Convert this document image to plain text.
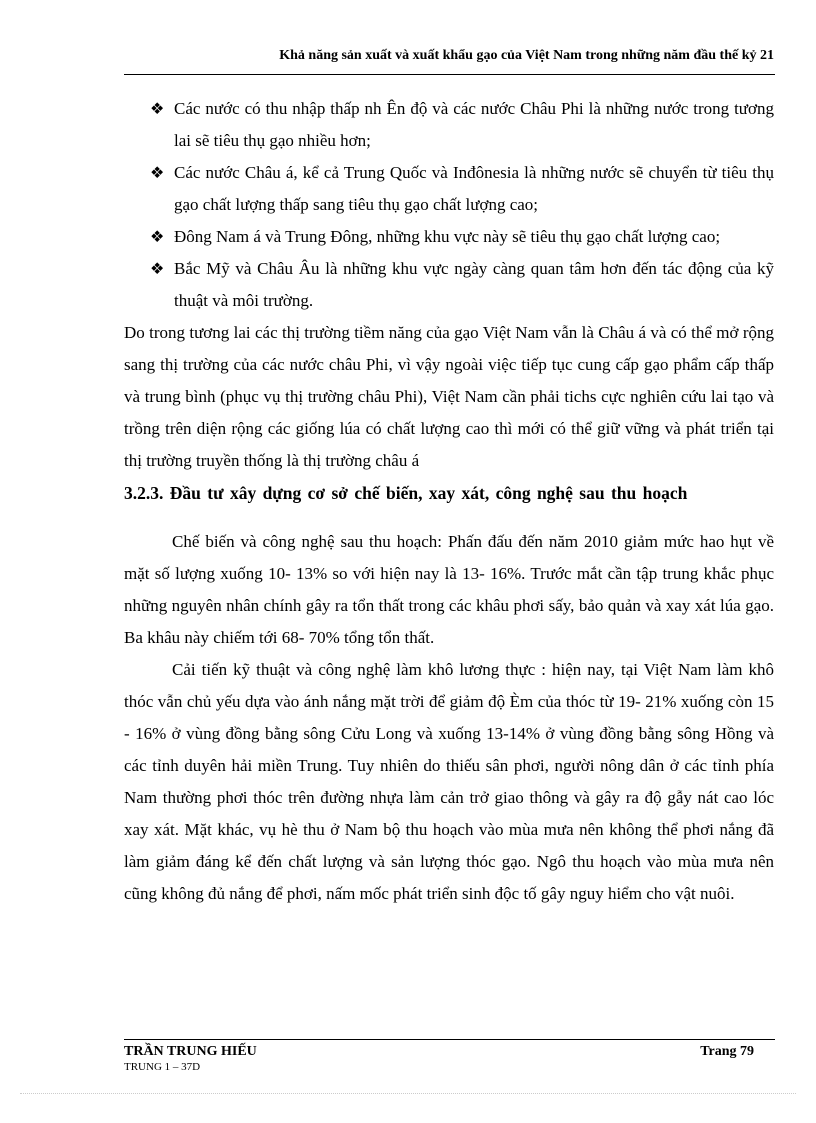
Khả năng sản xuất và xuất khẩu gạo của Việt Nam trong những năm đầu thế kỷ 21
❖ Các nước có thu nhập thấp nh Ên độ và các nước Châu Phi là những nước trong tương lai sẽ tiêu thụ gạo nhiều hơn;
❖ Các nước Châu á, kể cả Trung Quốc và Inđônesia là những nước sẽ chuyển từ tiêu thụ gạo chất lượng thấp sang tiêu thụ gạo chất lượng cao;
❖ Đông Nam á và Trung Đông, những khu vực này sẽ tiêu thụ gạo chất lượng cao;
❖ Bắc Mỹ và Châu Âu là những khu vực ngày càng quan tâm hơn đến tác động của kỹ thuật và môi trường.

Do trong tương lai các thị trường tiềm năng của gạo Việt Nam vẫn là Châu á và có thể mở rộng sang thị trường của các nước châu Phi, vì vậy ngoài việc tiếp tục cung cấp gạo phẩm cấp thấp và trung bình (phục vụ thị trường châu Phi), Việt Nam cần phải tichs cực nghiên cứu lai tạo và trồng trên diện rộng các giống lúa có chất lượng cao thì mới có thể giữ vững và phát triển tại thị trường truyền thống là thị trường châu á

3.2.3. Đầu tư xây dựng cơ sở chế biến, xay xát, công nghệ sau thu hoạch

Chế biến và công nghệ sau thu hoạch: Phấn đấu đến năm 2010 giảm mức hao hụt về mặt số lượng xuống 10- 13% so với hiện nay là 13- 16%. Trước mắt cần tập trung khắc phục những nguyên nhân chính gây ra tổn thất trong các khâu phơi sấy, bảo quản và xay xát lúa gạo. Ba khâu này chiếm tới 68- 70% tổng tổn thất.

Cải tiến kỹ thuật và công nghệ làm khô lương thực : hiện nay, tại Việt Nam làm khô thóc vẫn chủ yếu dựa vào ánh nắng mặt trời để giảm độ Èm của thóc từ 19- 21% xuống còn 15 - 16% ở vùng đồng bằng sông Cửu Long và xuống 13-14% ở vùng đồng bằng sông Hồng và các tỉnh duyên hải miền Trung. Tuy nhiên do thiếu sân phơi, người nông dân ở các tỉnh phía Nam thường phơi thóc trên đường nhựa làm cản trở giao thông và gây ra độ gẫy nát cao lóc xay xát. Mặt khác, vụ hè thu ở Nam bộ thu hoạch vào mùa mưa nên không thể phơi nắng đã làm giảm đáng kể đến chất lượng và sản lượng thóc gạo. Ngô thu hoạch vào mùa mưa nên cũng không đủ nắng để phơi, nấm mốc phát triển sinh độc tố gây nguy hiểm cho vật nuôi.

TRẦN TRUNG HIẾU
TRUNG 1 – 37D
Trang 79
